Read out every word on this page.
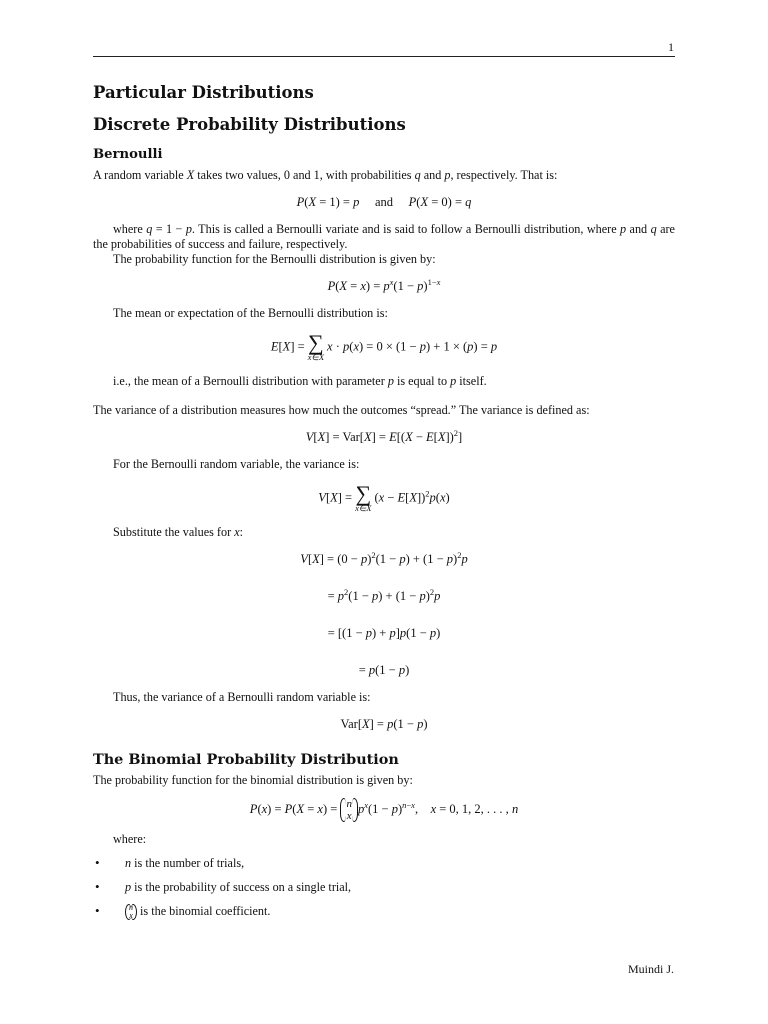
1
Particular Distributions
Discrete Probability Distributions
Bernoulli

A random variable X takes two values, 0 and 1, with probabilities q and p, respectively. That is:

P(X = 1) = p and P(X = 0) = q

where q = 1 − p. This is called a Bernoulli variate and is said to follow a Bernoulli distribution, where p and q are the probabilities of success and failure, respectively.

The probability function for the Bernoulli distribution is given by:

$P(X = x) = p^x(1 - p)^{1-x}$

The mean or expectation of the Bernoulli distribution is:

E[X] = ∑
x∈X
x · p(x) = 0 × (1 − p) + 1 × (p) = p

i.e., the mean of a Bernoulli distribution with parameter p is equal to p itself.

The variance of a distribution measures how much the outcomes “spread.” The variance is defined as:

$V[X] = Var[X] = E[(X - E[X])^2]$

For the Bernoulli random variable, the variance is:

V[X] = ∑
x∈X
$(x - E[X])^2p(x)$

Substitute the values for x:

$V[X] = (0 - p)^2(1 - p) + (1 - p)^2p$
= $p^2(1 - p) + (1 - p)^2p$
= [(1 − p) + p]p(1 − p)
= p(1 − p)

Thus, the variance of a Bernoulli random variable is:

Var[X] = p(1 − p)
The Binomial Probability Distribution

The probability function for the binomial distribution is given by:

P(x) = P(X = x) = n
$xp^x(1 - p)^{n-x}$,    x = 0, 1, 2, . . . , n

where:

• n is the number of trials,
• p is the probability of success on a single trial,
•	n
x is the binomial coefficient.
Muindi J.
